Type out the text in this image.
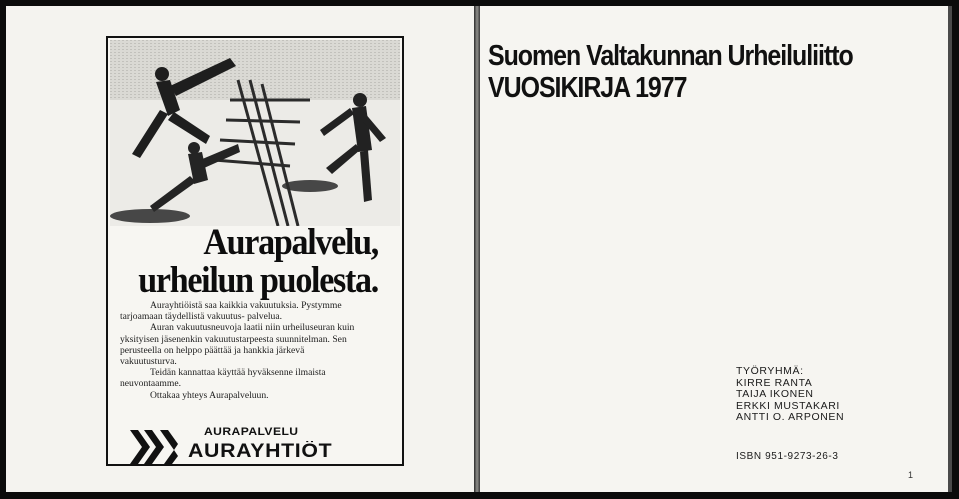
Aurapalvelu,
urheilun puolesta.

Aurayhtiöistä saa kaikkia vakuutuksia. Pystymme tarjoamaan täydellistä vakuutus- palvelua.

Auran vakuutusneuvoja laatii niin urheiluseuran kuin yksityisen jäsenenkin vakuutustarpeesta suunnitelman. Sen perusteella on helppo päättää ja hankkia järkevä vakuutusturva.

Teidän kannattaa käyttää hyväksenne ilmaista neuvontaamme.

Ottakaa yhteys Aurapalveluun.

AURAPALVELU
AURAYHTIÖT
Suomen Valtakunnan Urheiluliitto
VUOSIKIRJA 1977
TYÖRYHMÄ:
KIRRE RANTA
TAIJA IKONEN
ERKKI MUSTAKARI
ANTTI O. ARPONEN
ISBN 951-9273-26-3
1
